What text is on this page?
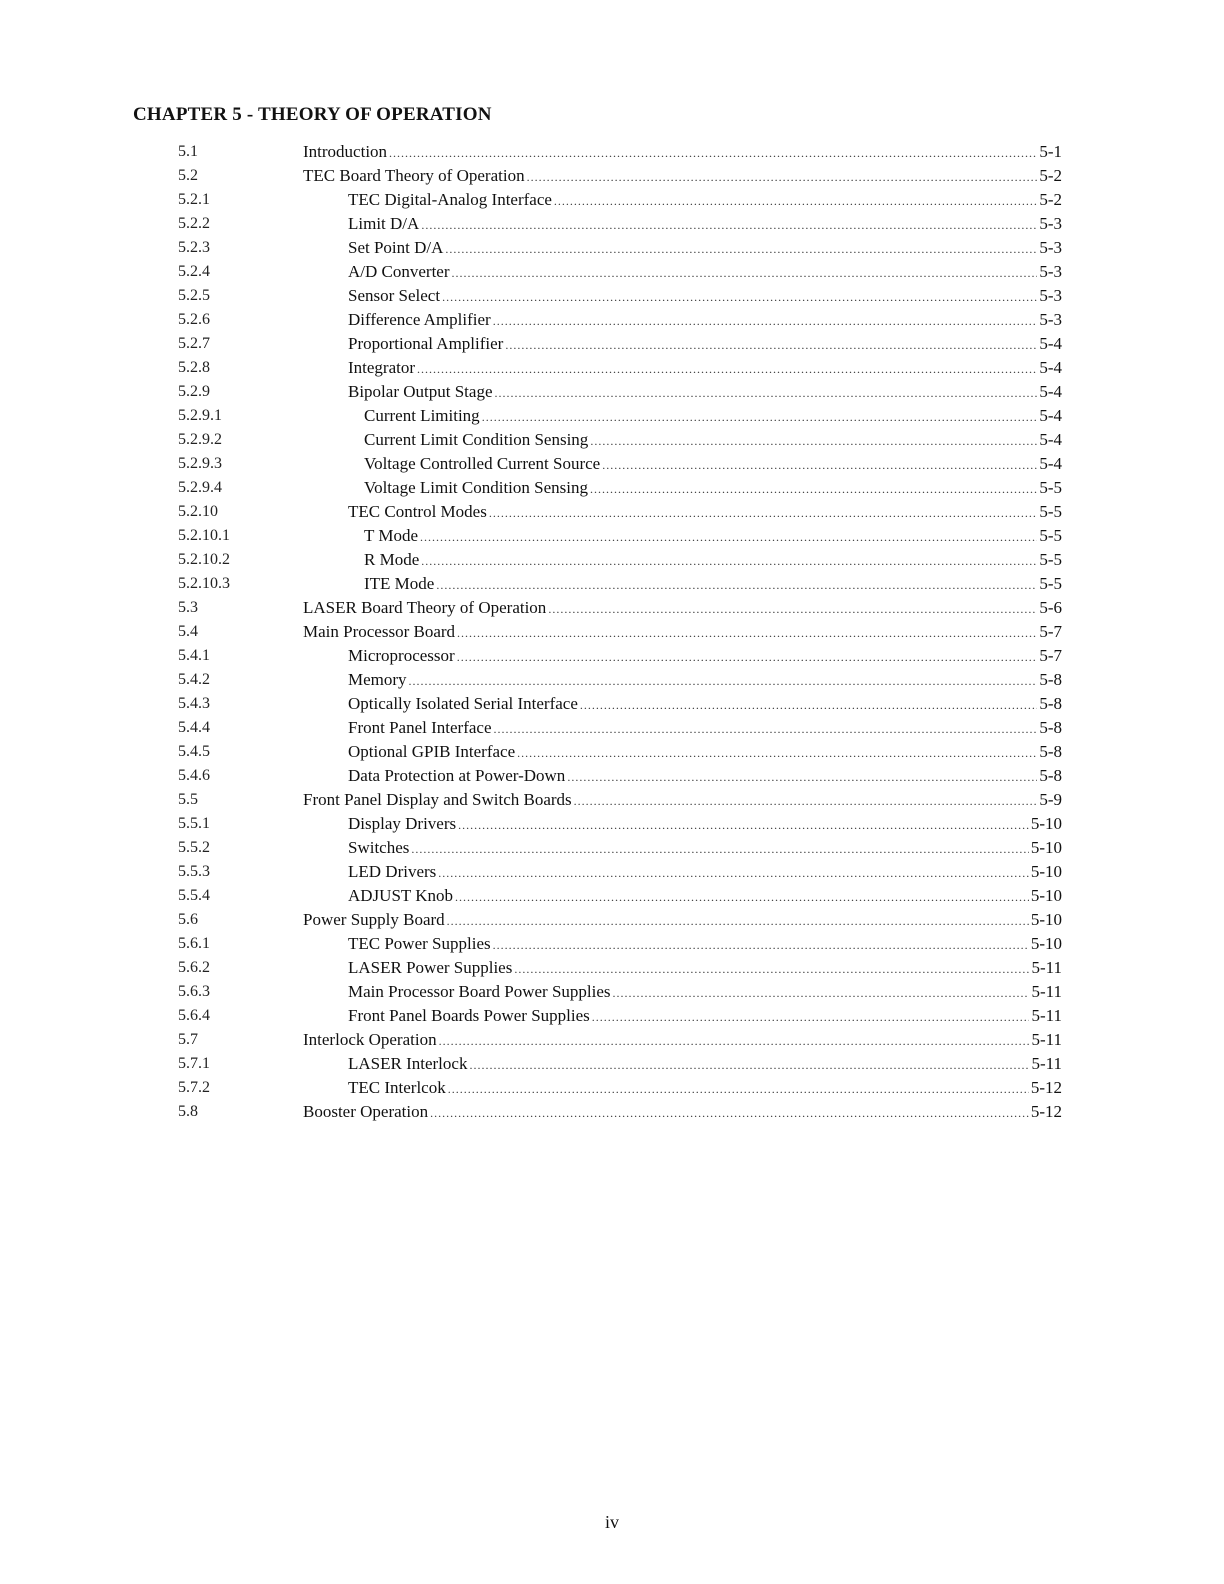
CHAPTER 5 - THEORY OF OPERATION
5.1	Introduction .....	5-1
5.2	TEC Board Theory of Operation .....	5-2
5.2.1	TEC Digital-Analog Interface .....	5-2
5.2.2	Limit D/A .....	5-3
5.2.3	Set Point D/A .....	5-3
5.2.4	A/D Converter .....	5-3
5.2.5	Sensor Select .....	5-3
5.2.6	Difference Amplifier .....	5-3
5.2.7	Proportional Amplifier .....	5-4
5.2.8	Integrator .....	5-4
5.2.9	Bipolar Output Stage .....	5-4
5.2.9.1	Current Limiting .....	5-4
5.2.9.2	Current Limit Condition Sensing .....	5-4
5.2.9.3	Voltage Controlled Current Source .....	5-4
5.2.9.4	Voltage Limit Condition Sensing .....	5-5
5.2.10	TEC Control Modes .....	5-5
5.2.10.1	T Mode .....	5-5
5.2.10.2	R Mode .....	5-5
5.2.10.3	ITE Mode .....	5-5
5.3	LASER Board Theory of Operation .....	5-6
5.4	Main Processor Board .....	5-7
5.4.1	Microprocessor .....	5-7
5.4.2	Memory .....	5-8
5.4.3	Optically Isolated Serial Interface .....	5-8
5.4.4	Front Panel Interface .....	5-8
5.4.5	Optional GPIB Interface .....	5-8
5.4.6	Data Protection at Power-Down .....	5-8
5.5	Front Panel Display and Switch Boards .....	5-9
5.5.1	Display Drivers .....	5-10
5.5.2	Switches .....	5-10
5.5.3	LED Drivers .....	5-10
5.5.4	ADJUST Knob .....	5-10
5.6	Power Supply Board .....	5-10
5.6.1	TEC Power Supplies .....	5-10
5.6.2	LASER Power Supplies .....	5-11
5.6.3	Main Processor Board Power Supplies .....	5-11
5.6.4	Front Panel Boards Power Supplies .....	5-11
5.7	Interlock Operation .....	5-11
5.7.1	LASER Interlock .....	5-11
5.7.2	TEC Interlcok .....	5-12
5.8	Booster Operation .....	5-12
iv
